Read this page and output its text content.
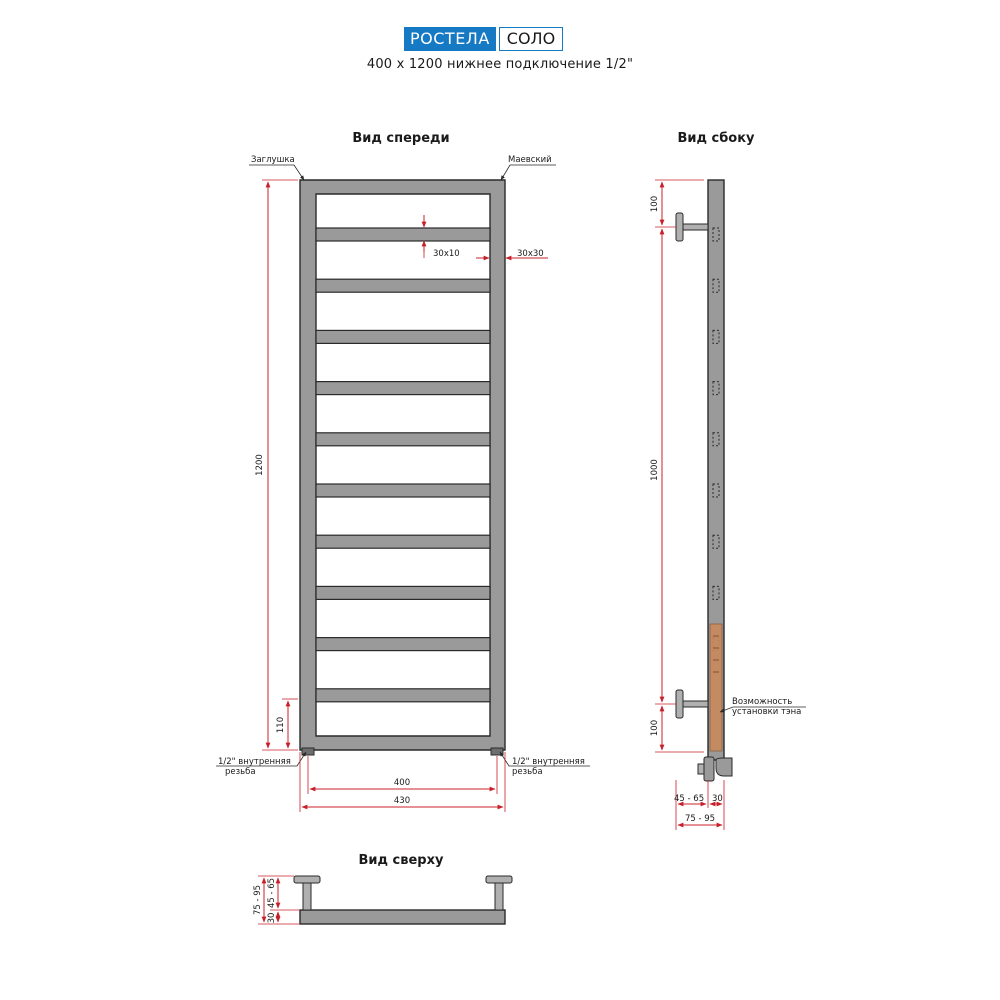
РОСТЕЛА	СОЛО
400 x 1200 нижнее подключение 1/2"
Вид спереди
Заглушка	Маевский
1/2" внутренняя
резьба
1/2" внутренняя
резьба
1200
110
30x10	30x30
400
430
Вид сбоку
100
1000
100
Возможность
установки тэна
45 - 65 30
75 - 95
Вид сверху
75 - 95
30
45 - 65
